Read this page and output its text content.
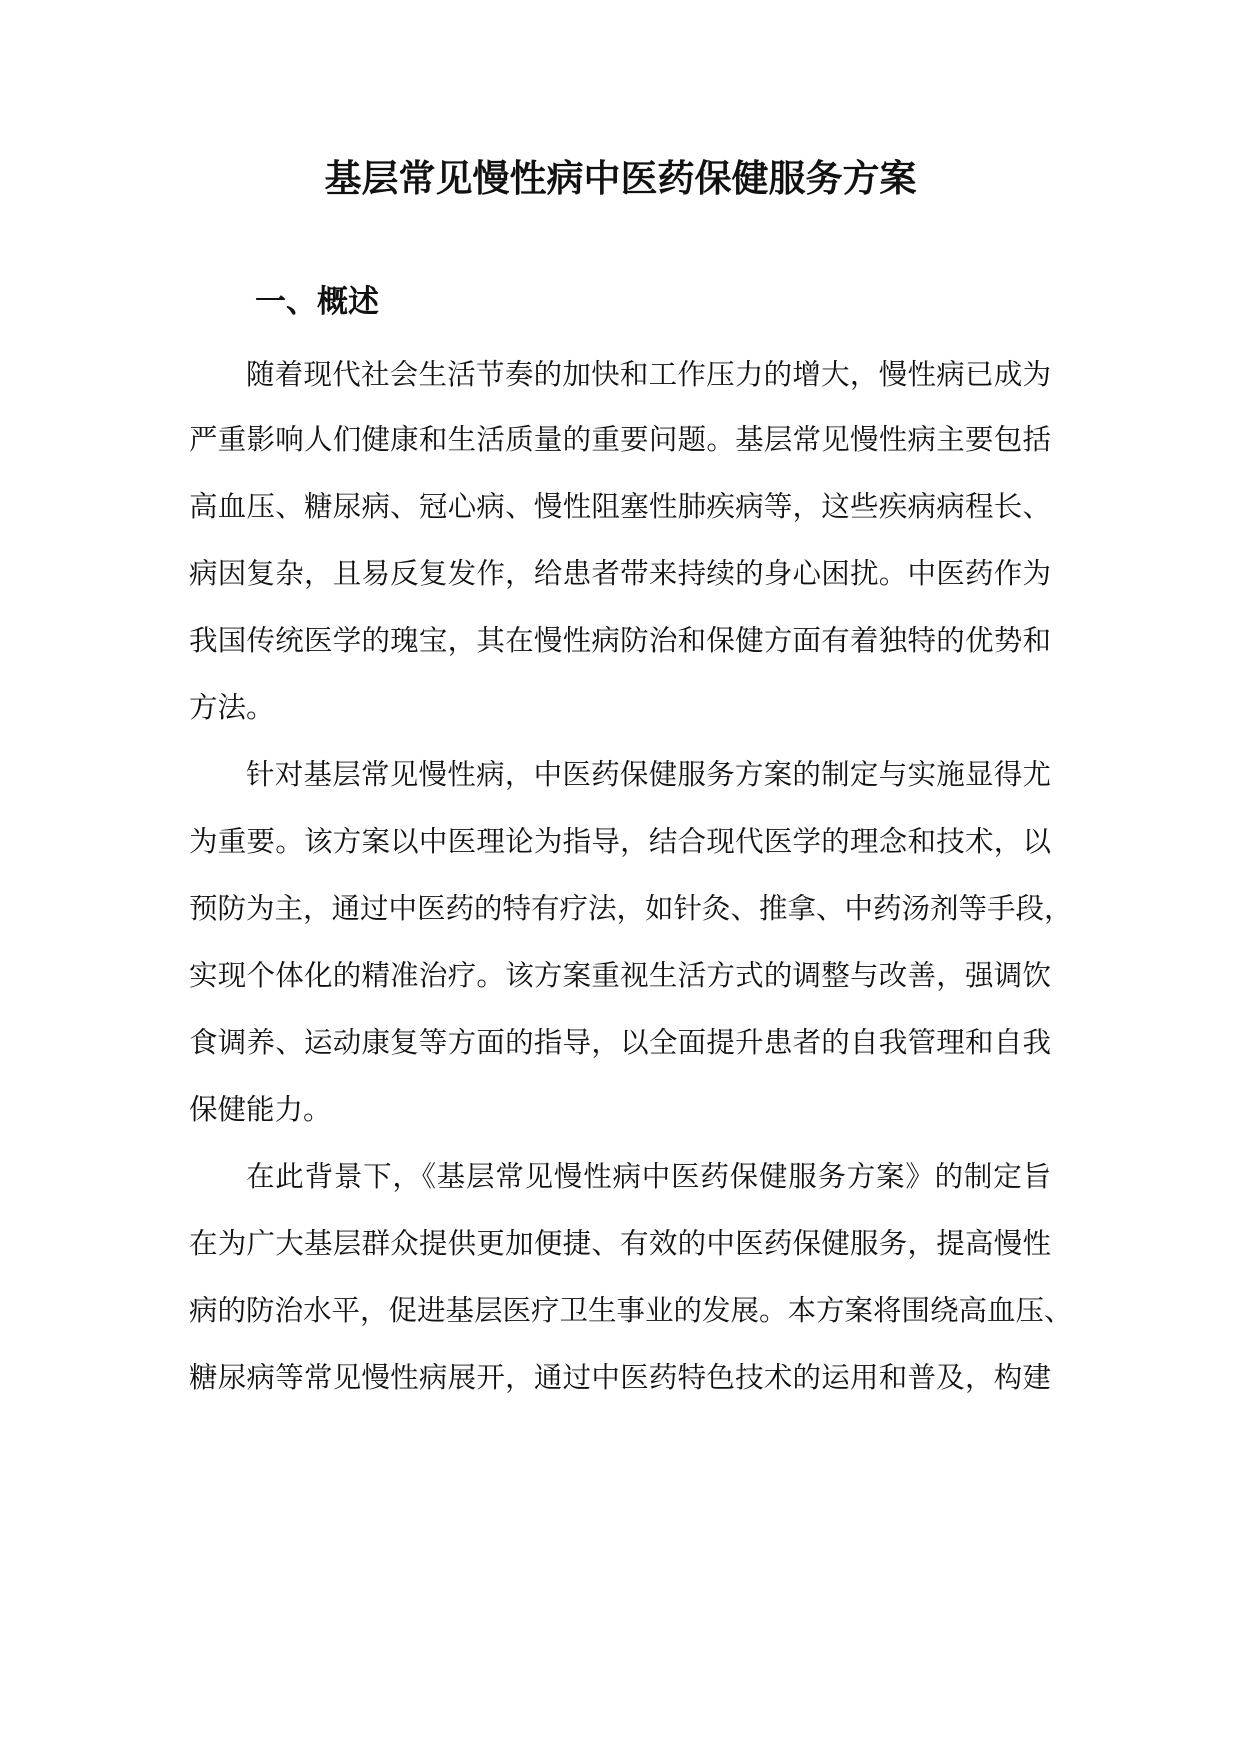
基层常见慢性病中医药保健服务方案
一、概述
随着现代社会生活节奏的加快和工作压力的增大，慢性病已成为
严重影响人们健康和生活质量的重要问题。基层常见慢性病主要包括
高血压、糖尿病、冠心病、慢性阻塞性肺疾病等，这些疾病病程长、
病因复杂，且易反复发作，给患者带来持续的身心困扰。中医药作为
我国传统医学的瑰宝，其在慢性病防治和保健方面有着独特的优势和
方法。
针对基层常见慢性病，中医药保健服务方案的制定与实施显得尤
为重要。该方案以中医理论为指导，结合现代医学的理念和技术，以
预防为主，通过中医药的特有疗法，如针灸、推拿、中药汤剂等手段，
实现个体化的精准治疗。该方案重视生活方式的调整与改善，强调饮
食调养、运动康复等方面的指导，以全面提升患者的自我管理和自我
保健能力。
在此背景下，《基层常见慢性病中医药保健服务方案》的制定旨
在为广大基层群众提供更加便捷、有效的中医药保健服务，提高慢性
病的防治水平，促进基层医疗卫生事业的发展。本方案将围绕高血压、
糖尿病等常见慢性病展开，通过中医药特色技术的运用和普及，构建
